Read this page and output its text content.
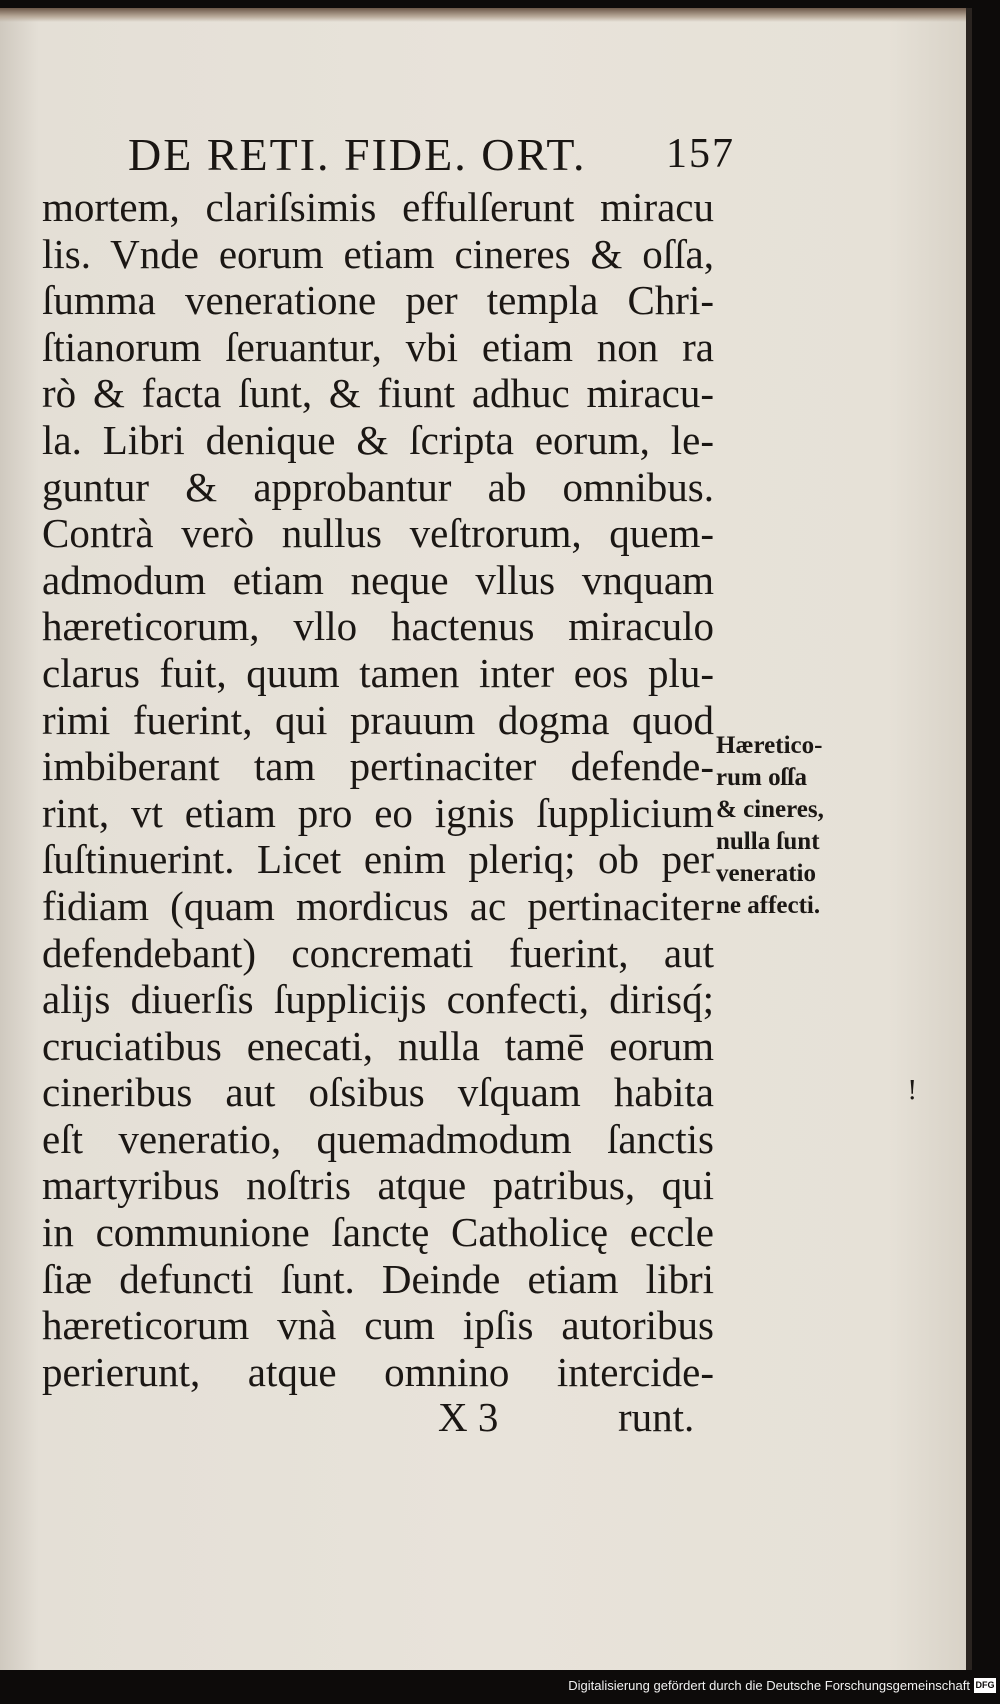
DE RETI. FIDE. ORT. 157
mortem, clariſsimis effulſerunt miracu
lis. Vnde eorum etiam cineres & oſſa,
ſumma veneratione per templa Chri-
ſtianorum ſeruantur, vbi etiam non ra
rò & facta ſunt, & fiunt adhuc miracu-
la. Libri denique & ſcripta eorum, le-
guntur & approbantur ab omnibus.
Contrà verò nullus veſtrorum, quem-
admodum etiam neque vllus vnquam
hæreticorum, vllo hactenus miraculo
clarus fuit, quum tamen inter eos plu-
rimi fuerint, qui prauum dogma quod
imbiberant tam pertinaciter defende-
rint, vt etiam pro eo ignis ſupplicium
ſuſtinuerint. Licet enim pleriq; ob per
fidiam (quam mordicus ac pertinaciter
defendebant) concremati fuerint, aut
alijs diuerſis ſupplicijs confecti, dirisq́;
cruciatibus enecati, nulla tamē eorum
cineribus aut oſsibus vſquam habita
eſt veneratio, quemadmodum ſanctis
martyribus noſtris atque patribus, qui
in communione ſanctę Catholicę eccle
ſiæ defuncti ſunt. Deinde etiam libri
hæreticorum vnà cum ipſis autoribus
perierunt, atque omnino intercide-
Hæretico-
rum oſſa
& cineres,
nulla ſunt
veneratio
ne affecti.
!
X 3	runt.
Digitalisierung gefördert durch die Deutsche Forschungsgemeinschaft DFG
